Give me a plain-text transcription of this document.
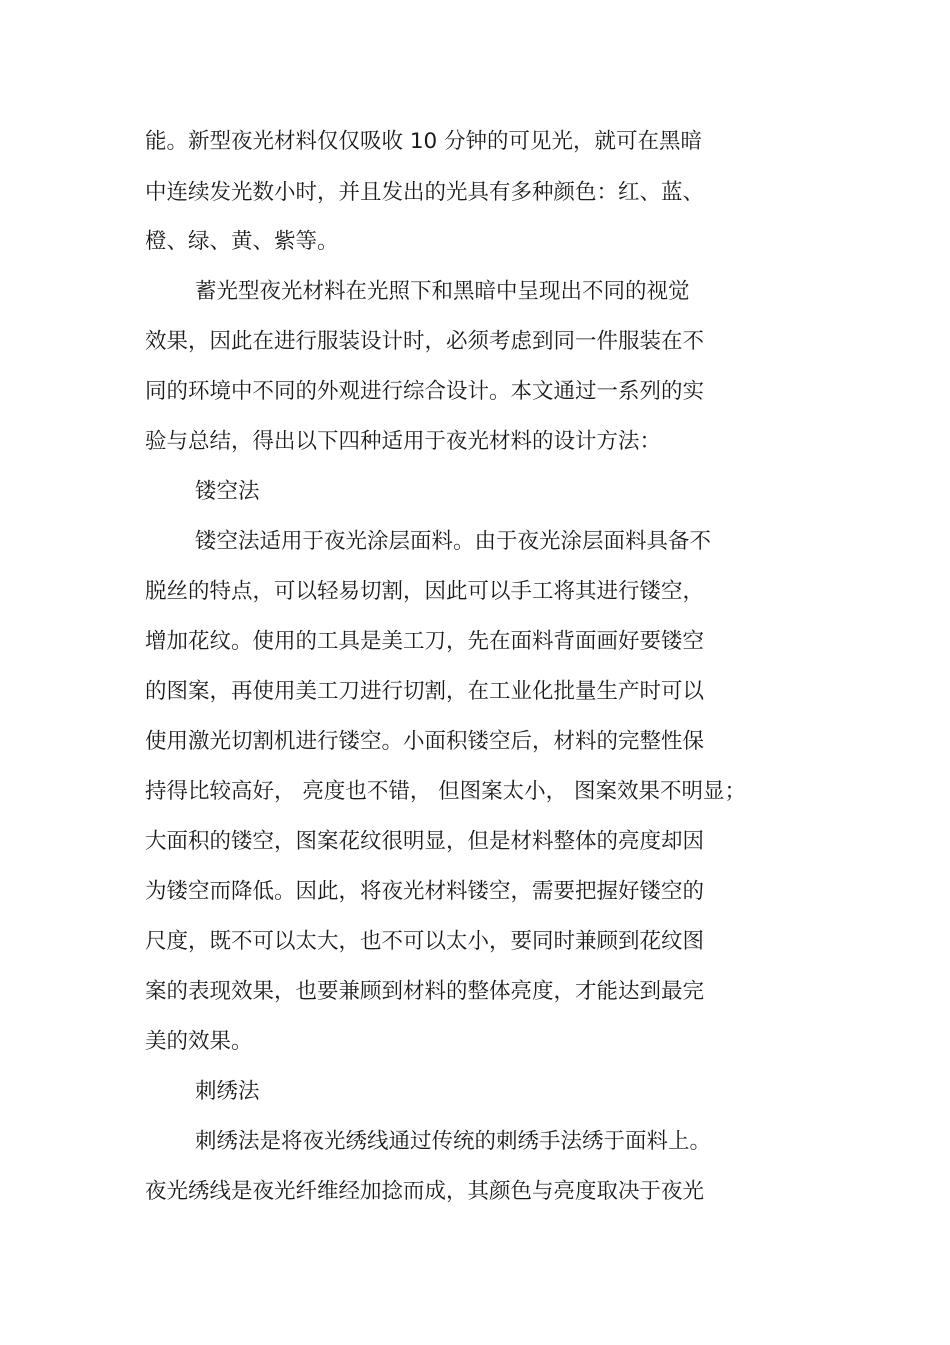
能。新型夜光材料仅仅吸收 10 分钟的可见光，就可在黑暗
中连续发光数小时，并且发出的光具有多种颜色：红、蓝、
橙、绿、黄、紫等。
蓄光型夜光材料在光照下和黑暗中呈现出不同的视觉
效果，因此在进行服装设计时，必须考虑到同一件服装在不
同的环境中不同的外观进行综合设计。本文通过一系列的实
验与总结，得出以下四种适用于夜光材料的设计方法：
镂空法
镂空法适用于夜光涂层面料。由于夜光涂层面料具备不
脱丝的特点，可以轻易切割，因此可以手工将其进行镂空，
增加花纹。使用的工具是美工刀，先在面料背面画好要镂空
的图案，再使用美工刀进行切割，在工业化批量生产时可以
使用激光切割机进行镂空。小面积镂空后，材料的完整性保
持得比较高好， 亮度也不错， 但图案太小， 图案效果不明显；
大面积的镂空，图案花纹很明显，但是材料整体的亮度却因
为镂空而降低。因此，将夜光材料镂空，需要把握好镂空的
尺度，既不可以太大，也不可以太小，要同时兼顾到花纹图
案的表现效果，也要兼顾到材料的整体亮度，才能达到最完
美的效果。
刺绣法
刺绣法是将夜光绣线通过传统的刺绣手法绣于面料上。
夜光绣线是夜光纤维经加捻而成，其颜色与亮度取决于夜光
